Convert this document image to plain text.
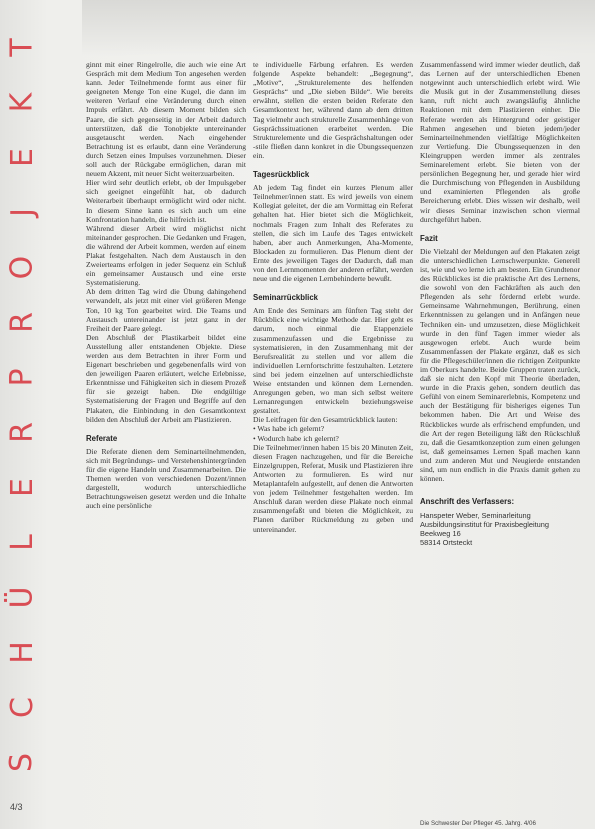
T
K
E
J
O
R
P
R
E
L
Ü
H
C
S
4/3

ginnt mit einer Ringelrolle, die auch wie eine Art Gespräch mit dem Medium Ton angesehen werden kann. Jeder Teilnehmende formt aus einer für geeigneten Menge Ton eine Kugel, die dann im weiteren Verlauf eine Veränderung durch einen Impuls erfährt. Ab diesem Moment bilden sich Paare, die sich gegenseitig in der Arbeit dadurch unterstützen, daß die Tonobjekte untereinander ausgetauscht werden. Nach eingehender Betrachtung ist es erlaubt, dann eine Veränderung durch Setzen eines Impulses vorzunehmen. Dieser soll auch der Rückgabe ermöglichen, daran mit neuem Akzent, mit neuer Sicht weiterzuarbeiten.

Hier wird sehr deutlich erlebt, ob der Impulsgeber sich geeignet eingefühlt hat, ob dadurch Weiterarbeit überhaupt ermöglicht wird oder nicht. In diesem Sinne kann es sich auch um eine Konfrontation handeln, die hilfreich ist.

Während dieser Arbeit wird möglichst nicht miteinander gesprochen. Die Gedanken und Fragen, die während der Arbeit kommen, werden auf einem Plakat festgehalten. Nach dem Austausch in den Zweierteams erfolgen in jeder Sequenz ein Schluß ein gemeinsamer Austausch und eine erste Systematisierung.

Ab dem dritten Tag wird die Übung dahingehend verwandelt, als jetzt mit einer viel größeren Menge Ton, 10 kg Ton gearbeitet wird. Die Teams und Austausch untereinander ist jetzt ganz in der Freiheit der Paare gelegt.

Den Abschluß der Plastikarbeit bildet eine Ausstellung aller entstandenen Objekte. Diese werden aus dem Betrachten in ihrer Form und Eigenart beschrieben und gegebenenfalls wird von den jeweiligen Paaren erläutert, welche Erlebnisse, Erkenntnisse und Fähigkeiten sich in diesem Prozeß für sie gezeigt haben. Die endgültige Systematisierung der Fragen und Begriffe auf den Plakaten, die Einbindung in den Gesamtkontext bilden den Abschluß der Arbeit am Plastizieren.

Referate

Die Referate dienen dem Seminarteilnehmenden, sich mit Begründungs- und Verstehenshintergründen für die eigene Handeln und Zusammenarbeiten. Die Themen werden von verschiedenen Dozent/innen dargestellt, wodurch unterschiedliche Betrachtungsweisen gesetzt werden und die Inhalte auch eine persönliche

te individuelle Färbung erfahren. Es werden folgende Aspekte behandelt: „Begegnung“, „Motive“, „Strukturelemente des helfenden Gesprächs“ und „Die sieben Bilde“. Wie bereits erwähnt, stellen die ersten beiden Referate den Gesamtkontext her, während dann ab dem dritten Tag vielmehr auch strukturelle Zusammenhänge von Gesprächssituationen erarbeitet werden. Die Strukturelemente und die Gesprächshaltungen oder -stile fließen dann konkret in die Übungssequenzen ein.

Tagesrückblick

Ab jedem Tag findet ein kurzes Plenum aller Teilnehmer/innen statt. Es wird jeweils von einem Kollegiat geleitet, der die am Vormittag ein Referat gehalten hat. Hier bietet sich die Möglichkeit, nochmals Fragen zum Inhalt des Referates zu stellen, die sich im Laufe des Tages entwickelt haben, aber auch Anmerkungen, Aha-Momente, Blockaden zu formulieren. Das Plenum dient der Ernte des jeweiligen Tages der Dadurch, daß man von den Lernmomenten der anderen erfährt, werden neue und die eigenen Lernbehinderte bewußt.

Seminarrückblick

Am Ende des Seminars am fünften Tag steht der Rückblick eine wichtige Methode dar. Hier geht es darum, noch einmal die Etappenziele zusammenzufassen und die Ergebnisse zu systematisieren, in den Zusammenhang mit der Berufsrealität zu stellen und vor allem die individuellen Lernfortschritte festzuhalten. Letztere sind bei jedem einzelnen auf unterschiedlichste Weise entstanden und können dem Lernenden. Anregungen geben, wo man sich selbst weitere Lernanregungen entwickeln beziehungsweise gestaltet.

Die Leitfragen für den Gesamtrückblick lauten:

• Was habe ich gelernt?

• Wodurch habe ich gelernt?

Die Teilnehmer/innen haben 15 bis 20 Minuten Zeit, diesen Fragen nachzugehen, und für die Bereiche Einzelgruppen, Referat, Musik und Plastizieren ihre Antworten zu formulieren. Es wird nur Metaplantafeln aufgestellt, auf denen die Antworten von jedem Teilnehmer festgehalten werden. Im Anschluß daran werden diese Plakate noch einmal zusammengefaßt und bieten die Möglichkeit, zu Planen darüber Rückmeldung zu geben und untereinander.

Zusammenfassend wird immer wieder deutlich, daß das Lernen auf der unterschiedlichen Ebenen notgewinnt auch unterschiedlich erlebt wird. Wie die Musik gut in der Zusammenstellung dieses kann, ruft nicht auch zwangsläufig ähnliche Reaktionen mit dem Plastizieren einher. Die Referate werden als Hintergrund oder geistiger Rahmen angesehen und bieten jedem/jeder Seminarteilnehmenden vielfältige Möglichkeiten zur Vertiefung. Die Übungssequenzen in den Kleingruppen werden immer als zentrales Seminarelement erlebt. Sie bieten von der persönlichen Begegnung her, und gerade hier wird die Durchmischung von Pflegenden in Ausbildung und examinierten Pflegenden als große Bereicherung erlebt. Dies wissen wir deshalb, weil wir dieses Seminar inzwischen schon viermal durchgeführt haben.

Fazit

Die Vielzahl der Meldungen auf den Plakaten zeigt die unterschiedlichen Lernschwerpunkte. Generell ist, wie und wo lerne ich am besten. Ein Grundtenor des Rückblickes ist die praktische Art des Lernens, die sowohl von den Fachkräften als auch den Pflegenden als sehr fördernd erlebt wurde. Gemeinsame Wahrnehmungen, Berührung, einen Erkenntnissen zu gelangen und in Anfängen neue Techniken ein- und umzusetzen, diese Möglichkeit wurde in den fünf Tagen immer wieder als ausgewogen erlebt. Auch wurde beim Zusammenfassen der Plakate ergänzt, daß es sich für die Pflegeschüler/innen die richtigen Zeitpunkte im Oberkurs handelte. Beide Gruppen traten zurück, daß sie nicht den Kopf mit Theorie überladen, wurde in die Praxis gehen, sondern deutlich das Gefühl von einem Seminarerlebnis, Kompetenz und auch der Bestätigung für bisheriges eigenes Tun bekommen haben. Die Art und Weise des Rückblickes wurde als erfrischend empfunden, und die Art der regen Beteiligung läßt den Rückschluß zu, daß die Gesamtkonzeption zum einen gelungen ist, daß gemeinsames Lernen Spaß machen kann und zum anderen Mut und Neugierde entstanden sind, um nun endlich in die Praxis damit gehen zu können.

Anschrift des Verfassers:
Hanspeter Weber, Seminarleitung
Ausbildungsinstitut für Praxisbegleitung
Beekweg 16
58314 Ortsteckt
Die Schwester Der Pfleger 45. Jahrg. 4/06
